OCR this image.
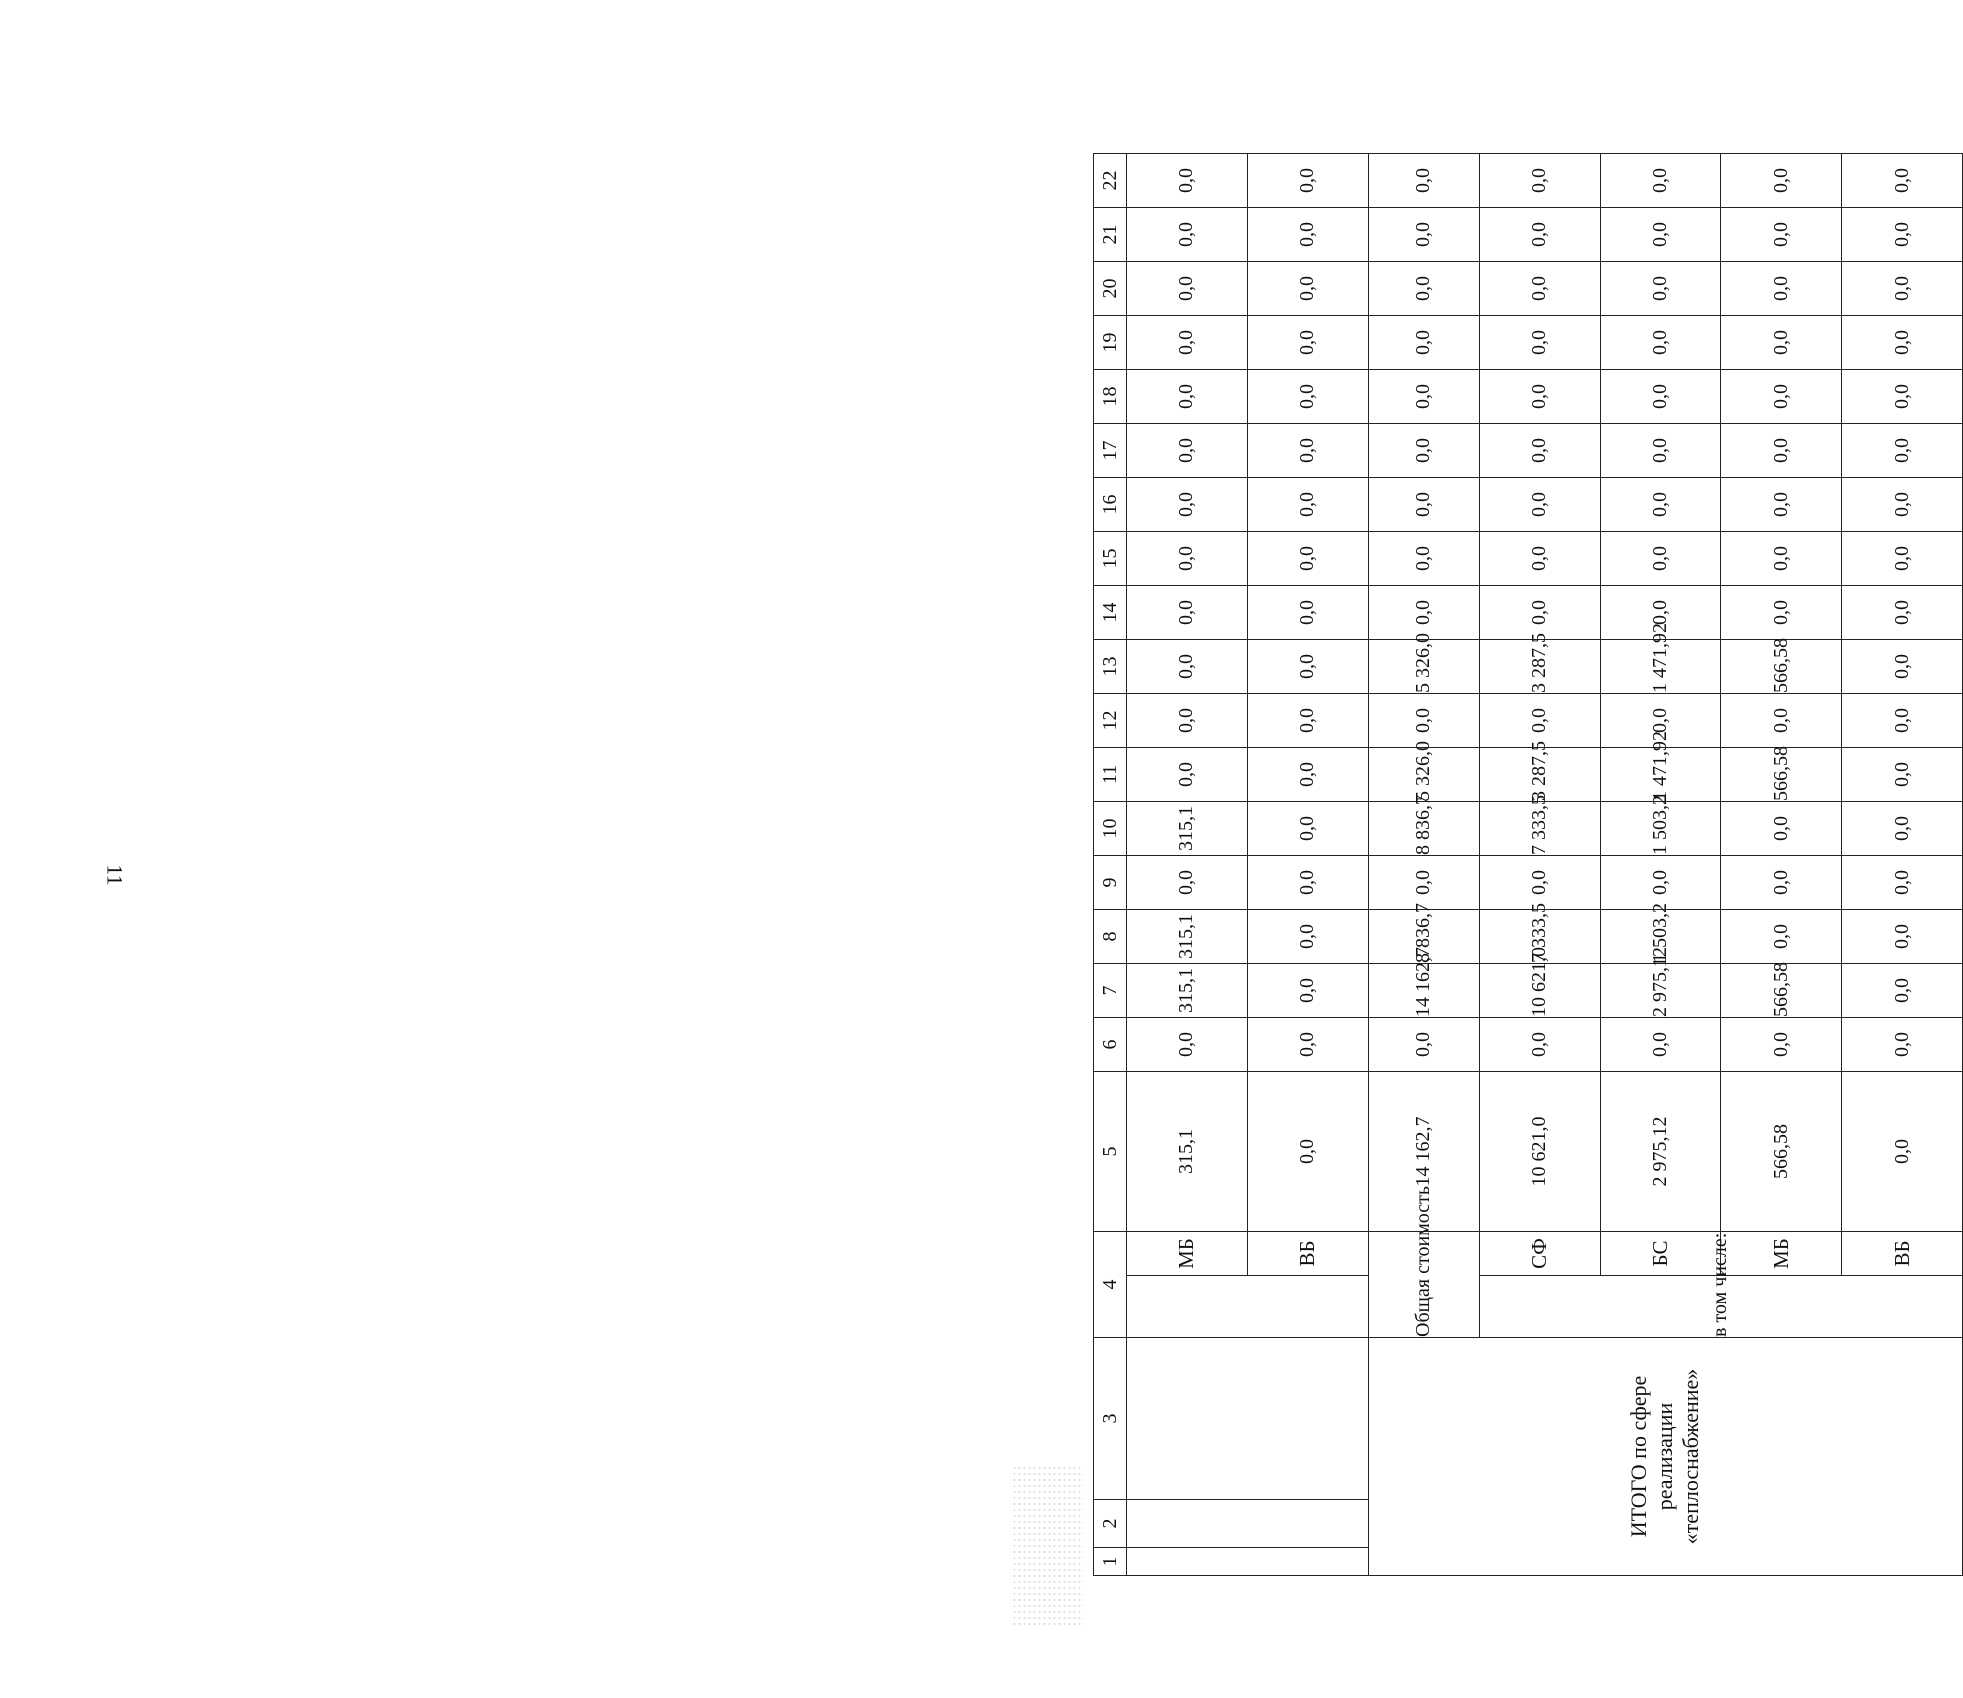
11
1	2	3	4		5	6	7	8	9	10	11	12	13	14	15	16	17	18	19	20	21	22
				МБ	315,1	0,0	315,1	315,1	0,0	315,1	0,0	0,0	0,0	0,0	0,0	0,0	0,0	0,0	0,0	0,0	0,0	0,0
				ВБ	0,0	0,0	0,0	0,0	0,0	0,0	0,0	0,0	0,0	0,0	0,0	0,0	0,0	0,0	0,0	0,0	0,0	0,0
ИТОГО по сфере реализации «теплоснабжение»			Общая стоимость		14 162,7	0,0	14 162,7	8 836,7	0,0	8 836,7	5 326,0	0,0	5 326,0	0,0	0,0	0,0	0,0	0,0	0,0	0,0	0,0	0,0
			в том числе:	СФ	10 621,0	0,0	10 621,0	7 333,5	0,0	7 333,5	3 287,5	0,0	3 287,5	0,0	0,0	0,0	0,0	0,0	0,0	0,0	0,0	0,0
				БС	2 975,12	0,0	2 975,12	1 503,2	0,0	1 503,2	1 471,92	0,0	1 471,92	0,0	0,0	0,0	0,0	0,0	0,0	0,0	0,0	0,0
				МБ	566,58	0,0	566,58	0,0	0,0	0,0	566,58	0,0	566,58	0,0	0,0	0,0	0,0	0,0	0,0	0,0	0,0	0,0
				ВБ	0,0	0,0	0,0	0,0	0,0	0,0	0,0	0,0	0,0	0,0	0,0	0,0	0,0	0,0	0,0	0,0	0,0	0,0
